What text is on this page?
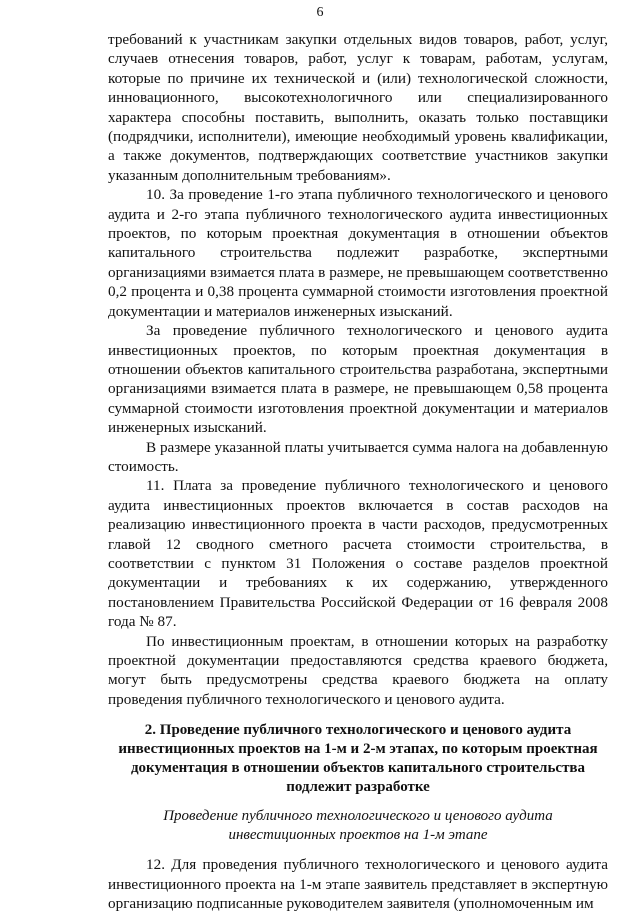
6

требований к участникам закупки отдельных видов товаров, работ, услуг, случаев отнесения товаров, работ, услуг к товарам, работам, услугам, которые по причине их технической и (или) технологической сложности, инновационного, высокотехнологичного или специализированного характера способны поставить, выполнить, оказать только поставщики (подрядчики, исполнители), имеющие необходимый уровень квалификации, а также документов, подтверждающих соответствие участников закупки указанным дополнительным требованиям».

10. За проведение 1-го этапа публичного технологического и ценового аудита и 2-го этапа публичного технологического аудита инвестиционных проектов, по которым проектная документация в отношении объектов капитального строительства подлежит разработке, экспертными организациями взимается плата в размере, не превышающем соответственно 0,2 процента и 0,38 процента суммарной стоимости изготовления проектной документации и материалов инженерных изысканий.

За проведение публичного технологического и ценового аудита инвестиционных проектов, по которым проектная документация в отношении объектов капитального строительства разработана, экспертными организациями взимается плата в размере, не превышающем 0,58 процента суммарной стоимости изготовления проектной документации и материалов инженерных изысканий.

В размере указанной платы учитывается сумма налога на добавленную стоимость.

11. Плата за проведение публичного технологического и ценового аудита инвестиционных проектов включается в состав расходов на реализацию инвестиционного проекта в части расходов, предусмотренных главой 12 сводного сметного расчета стоимости строительства, в соответствии с пунктом 31 Положения о составе разделов проектной документации и требованиях к их содержанию, утвержденного постановлением Правительства Российской Федерации от 16 февраля 2008 года № 87.

По инвестиционным проектам, в отношении которых на разработку проектной документации предоставляются средства краевого бюджета, могут быть предусмотрены средства краевого бюджета на оплату проведения публичного технологического и ценового аудита.

2. Проведение публичного технологического и ценового аудита инвестиционных проектов на 1-м и 2-м этапах, по которым проектная документация в отношении объектов капитального строительства подлежит разработке
Проведение публичного технологического и ценового аудита инвестиционных проектов на 1-м этапе

12. Для проведения публичного технологического и ценового аудита инвестиционного проекта на 1-м этапе заявитель представляет в экспертную организацию подписанные руководителем заявителя (уполномоченным им
